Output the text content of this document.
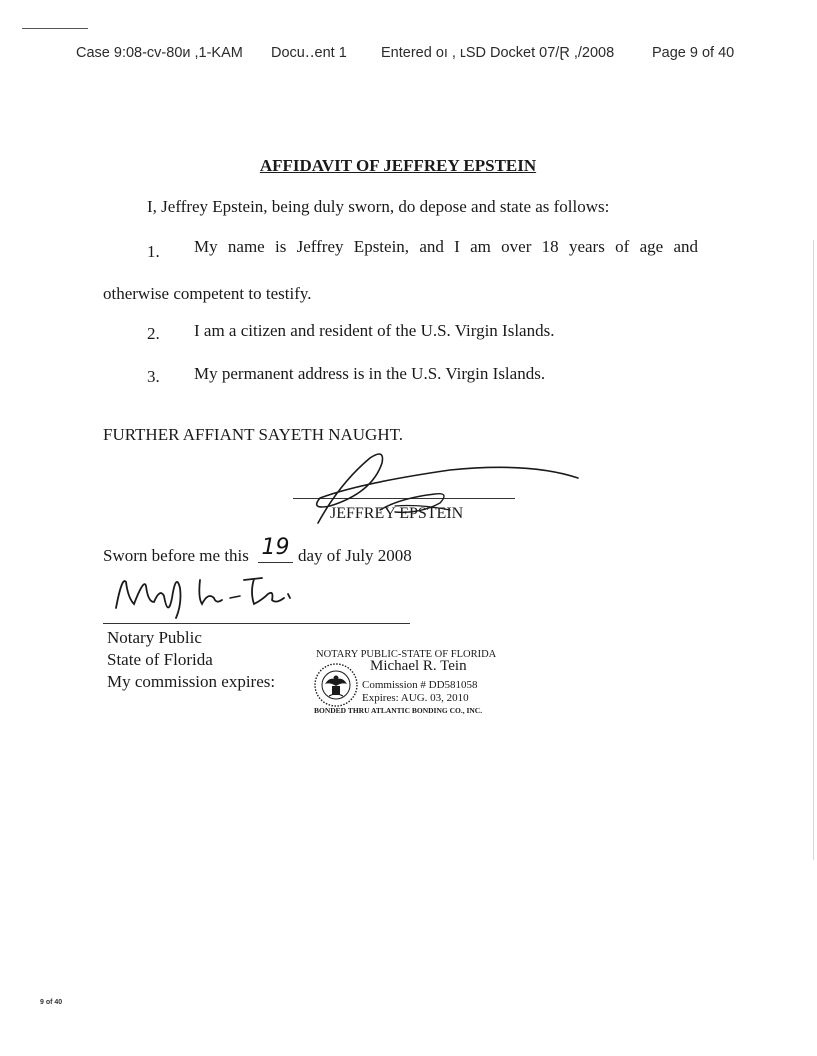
Case 9:08-cv-80и ,1-KAM Docu‥ent 1 Entered oı , ʟSD Docket 07/Ɽ ,/2008	Page 9 of 40
AFFIDAVIT OF JEFFREY EPSTEIN
I, Jeffrey Epstein, being duly sworn, do depose and state as follows:
1. My name is Jeffrey Epstein, and I am over 18 years of age and
otherwise competent to testify.
2. I am a citizen and resident of the U.S. Virgin Islands.
3. My permanent address is in the U.S. Virgin Islands.
FURTHER AFFIANT SAYETH NAUGHT.
JEFFREY EPSTEIN
Sworn before me this 19 day of July 2008
Notary Public
State of Florida
My commission expires:
NOTARY PUBLIC-STATE OF FLORIDA
Michael R. Tein
Commission # DD581058
Expires: AUG. 03, 2010
BONDED THRU ATLANTIC BONDING CO., INC.
9 of 40
